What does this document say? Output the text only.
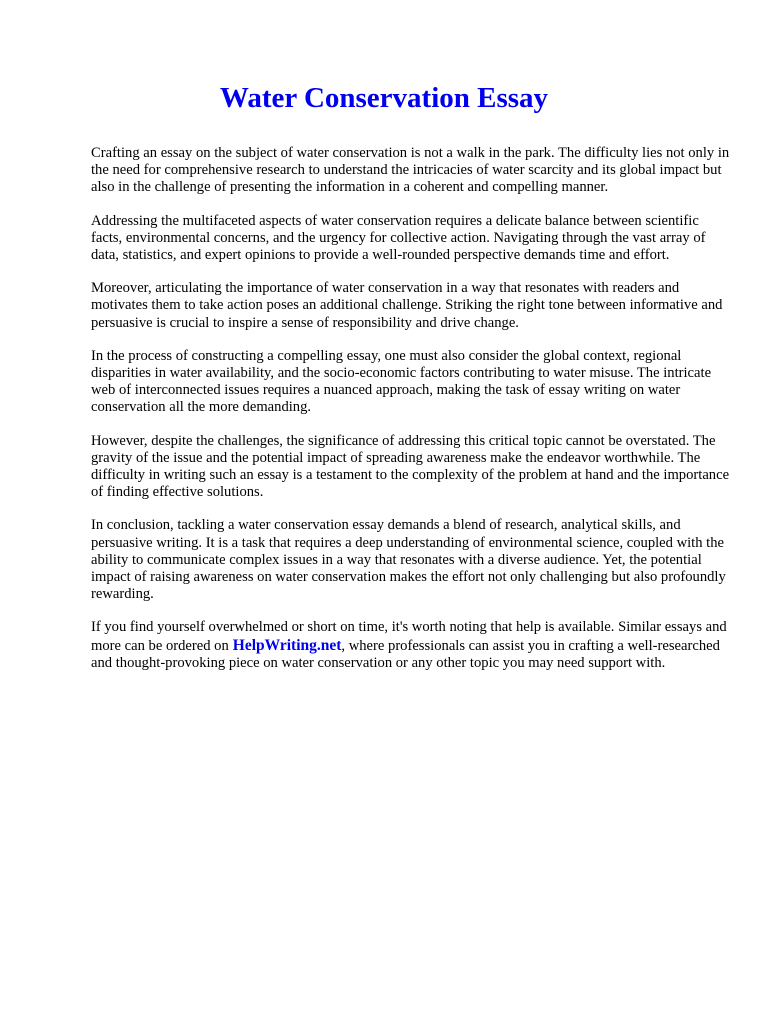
Water Conservation Essay

Crafting an essay on the subject of water conservation is not a walk in the park. The difficulty lies not only in the need for comprehensive research to understand the intricacies of water scarcity and its global impact but also in the challenge of presenting the information in a coherent and compelling manner.

Addressing the multifaceted aspects of water conservation requires a delicate balance between scientific facts, environmental concerns, and the urgency for collective action. Navigating through the vast array of data, statistics, and expert opinions to provide a well-rounded perspective demands time and effort.

Moreover, articulating the importance of water conservation in a way that resonates with readers and motivates them to take action poses an additional challenge. Striking the right tone between informative and persuasive is crucial to inspire a sense of responsibility and drive change.

In the process of constructing a compelling essay, one must also consider the global context, regional disparities in water availability, and the socio-economic factors contributing to water misuse. The intricate web of interconnected issues requires a nuanced approach, making the task of essay writing on water conservation all the more demanding.

However, despite the challenges, the significance of addressing this critical topic cannot be overstated. The gravity of the issue and the potential impact of spreading awareness make the endeavor worthwhile. The difficulty in writing such an essay is a testament to the complexity of the problem at hand and the importance of finding effective solutions.

In conclusion, tackling a water conservation essay demands a blend of research, analytical skills, and persuasive writing. It is a task that requires a deep understanding of environmental science, coupled with the ability to communicate complex issues in a way that resonates with a diverse audience. Yet, the potential impact of raising awareness on water conservation makes the effort not only challenging but also profoundly rewarding.

If you find yourself overwhelmed or short on time, it's worth noting that help is available. Similar essays and more can be ordered on HelpWriting.net, where professionals can assist you in crafting a well-researched and thought-provoking piece on water conservation or any other topic you may need support with.
